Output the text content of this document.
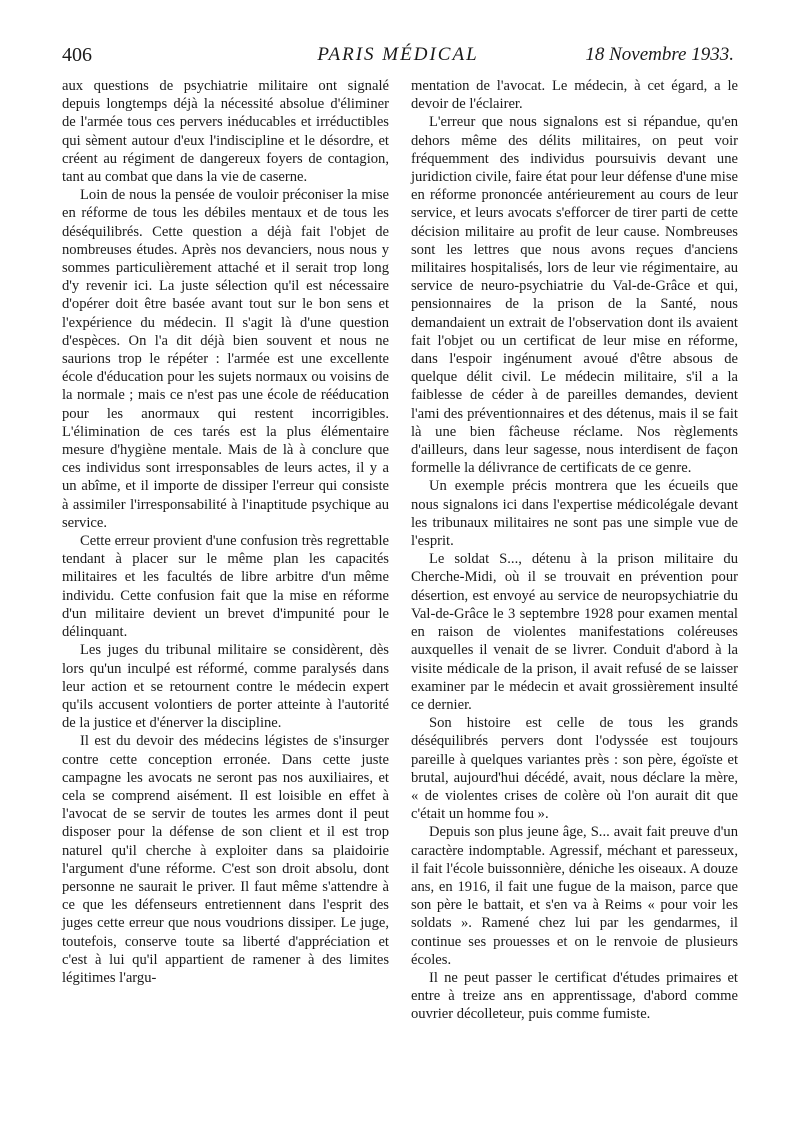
406	PARIS MÉDICAL	18 Novembre 1933.

aux questions de psychiatrie militaire ont signalé depuis longtemps déjà la nécessité absolue d'éliminer de l'armée tous ces pervers inéducables et irréductibles qui sèment autour d'eux l'indiscipline et le désordre, et créent au régiment de dangereux foyers de contagion, tant au combat que dans la vie de caserne.

Loin de nous la pensée de vouloir préconiser la mise en réforme de tous les débiles mentaux et de tous les déséquilibrés. Cette question a déjà fait l'objet de nombreuses études. Après nos devanciers, nous nous y sommes particulièrement attaché et il serait trop long d'y revenir ici. La juste sélection qu'il est nécessaire d'opérer doit être basée avant tout sur le bon sens et l'expérience du médecin. Il s'agit là d'une question d'espèces. On l'a dit déjà bien souvent et nous ne saurions trop le répéter : l'armée est une excellente école d'éducation pour les sujets normaux ou voisins de la normale ; mais ce n'est pas une école de rééducation pour les anormaux qui restent incorrigibles. L'élimination de ces tarés est la plus élémentaire mesure d'hygiène mentale. Mais de là à conclure que ces individus sont irresponsables de leurs actes, il y a un abîme, et il importe de dissiper l'erreur qui consiste à assimiler l'irresponsabilité à l'inaptitude psychique au service.

Cette erreur provient d'une confusion très regrettable tendant à placer sur le même plan les capacités militaires et les facultés de libre arbitre d'un même individu. Cette confusion fait que la mise en réforme d'un militaire devient un brevet d'impunité pour le délinquant.

Les juges du tribunal militaire se considèrent, dès lors qu'un inculpé est réformé, comme paralysés dans leur action et se retournent contre le médecin expert qu'ils accusent volontiers de porter atteinte à l'autorité de la justice et d'énerver la discipline.

Il est du devoir des médecins légistes de s'insurger contre cette conception erronée. Dans cette juste campagne les avocats ne seront pas nos auxiliaires, et cela se comprend aisément. Il est loisible en effet à l'avocat de se servir de toutes les armes dont il peut disposer pour la défense de son client et il est trop naturel qu'il cherche à exploiter dans sa plaidoirie l'argument d'une réforme. C'est son droit absolu, dont personne ne saurait le priver. Il faut même s'attendre à ce que les défenseurs entretiennent dans l'esprit des juges cette erreur que nous voudrions dissiper. Le juge, toutefois, conserve toute sa liberté d'appréciation et c'est à lui qu'il appartient de ramener à des limites légitimes l'argu-

mentation de l'avocat. Le médecin, à cet égard, a le devoir de l'éclairer.

L'erreur que nous signalons est si répandue, qu'en dehors même des délits militaires, on peut voir fréquemment des individus poursuivis devant une juridiction civile, faire état pour leur défense d'une mise en réforme prononcée antérieurement au cours de leur service, et leurs avocats s'efforcer de tirer parti de cette décision militaire au profit de leur cause. Nombreuses sont les lettres que nous avons reçues d'anciens militaires hospitalisés, lors de leur vie régimentaire, au service de neuro-psychiatrie du Val-de-Grâce et qui, pensionnaires de la prison de la Santé, nous demandaient un extrait de l'observation dont ils avaient fait l'objet ou un certificat de leur mise en réforme, dans l'espoir ingénument avoué d'être absous de quelque délit civil. Le médecin militaire, s'il a la faiblesse de céder à de pareilles demandes, devient l'ami des préventionnaires et des détenus, mais il se fait là une bien fâcheuse réclame. Nos règlements d'ailleurs, dans leur sagesse, nous interdisent de façon formelle la délivrance de certificats de ce genre.

Un exemple précis montrera que les écueils que nous signalons ici dans l'expertise médicolégale devant les tribunaux militaires ne sont pas une simple vue de l'esprit.

Le soldat S..., détenu à la prison militaire du Cherche-Midi, où il se trouvait en prévention pour désertion, est envoyé au service de neuropsychiatrie du Val-de-Grâce le 3 septembre 1928 pour examen mental en raison de violentes manifestations coléreuses auxquelles il venait de se livrer. Conduit d'abord à la visite médicale de la prison, il avait refusé de se laisser examiner par le médecin et avait grossièrement insulté ce dernier.

Son histoire est celle de tous les grands déséquilibrés pervers dont l'odyssée est toujours pareille à quelques variantes près : son père, égoïste et brutal, aujourd'hui décédé, avait, nous déclare la mère, « de violentes crises de colère où l'on aurait dit que c'était un homme fou ».

Depuis son plus jeune âge, S... avait fait preuve d'un caractère indomptable. Agressif, méchant et paresseux, il fait l'école buissonnière, déniche les oiseaux. A douze ans, en 1916, il fait une fugue de la maison, parce que son père le battait, et s'en va à Reims « pour voir les soldats ». Ramené chez lui par les gendarmes, il continue ses prouesses et on le renvoie de plusieurs écoles.

Il ne peut passer le certificat d'études primaires et entre à treize ans en apprentissage, d'abord comme ouvrier décolleteur, puis comme fumiste.
